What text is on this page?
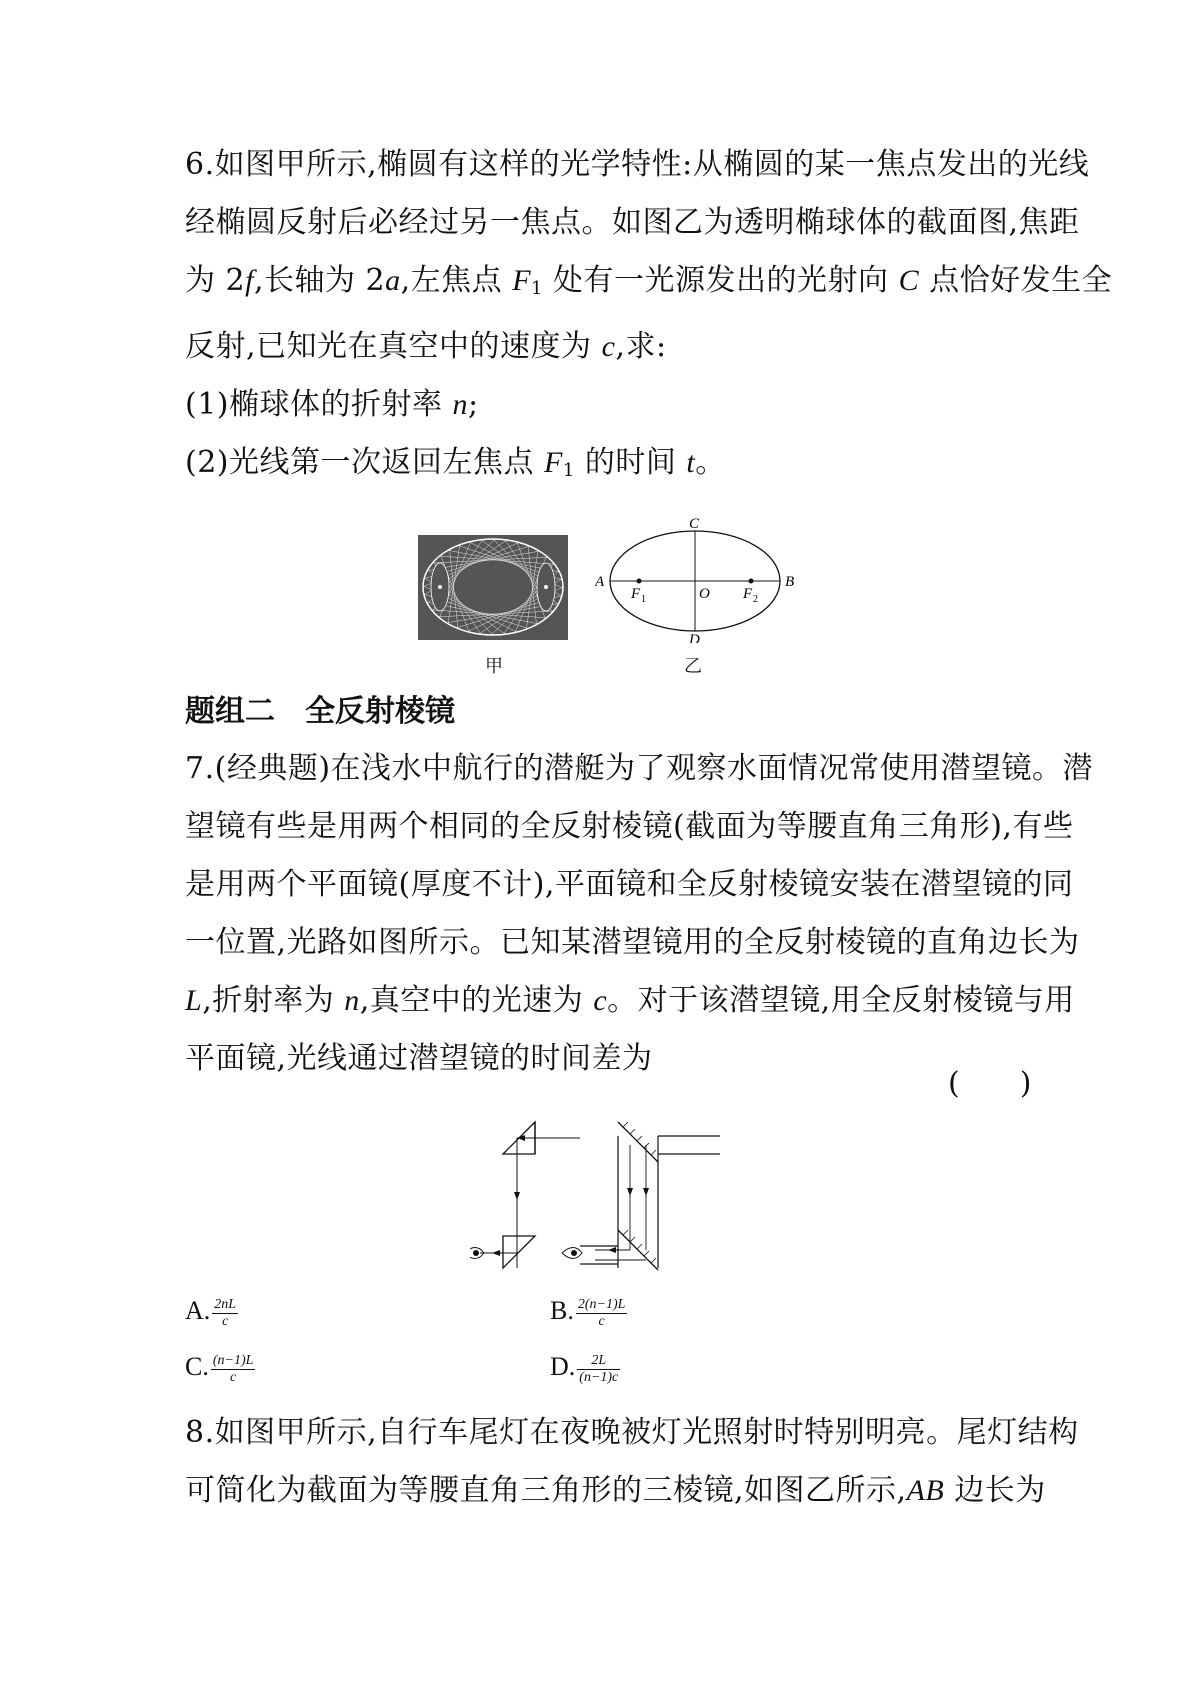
6.如图甲所示,椭圆有这样的光学特性:从椭圆的某一焦点发出的光线
经椭圆反射后必经过另一焦点。如图乙为透明椭球体的截面图,焦距
为 2f,长轴为 2a,左焦点 $F_1$ 处有一光源发出的光射向 C 点恰好发生全
反射,已知光在真空中的速度为 c,求:
(1)椭球体的折射率 n;
(2)光线第一次返回左焦点 $F_1$ 的时间 t。
甲
A	B
C
D
O
F 1	F 2
乙
题组二 全反射棱镜
7.(经典题)在浅水中航行的潜艇为了观察水面情况常使用潜望镜。潜
望镜有些是用两个相同的全反射棱镜(截面为等腰直角三角形),有些
是用两个平面镜(厚度不计),平面镜和全反射棱镜安装在潜望镜的同
一位置,光路如图所示。已知某潜望镜用的全反射棱镜的直角边长为
L,折射率为 n,真空中的光速为 c。对于该潜望镜,用全反射棱镜与用
平面镜,光线通过潜望镜的时间差为
(　　)
A. $\frac{2nL}{c}$	B. $\frac{2(n-1)L}{c}$
C. $\frac{(n-1)L}{c}$	D. $\frac{2L}{(n-1)c}$
8.如图甲所示,自行车尾灯在夜晚被灯光照射时特别明亮。尾灯结构
可简化为截面为等腰直角三角形的三棱镜,如图乙所示,AB 边长为
